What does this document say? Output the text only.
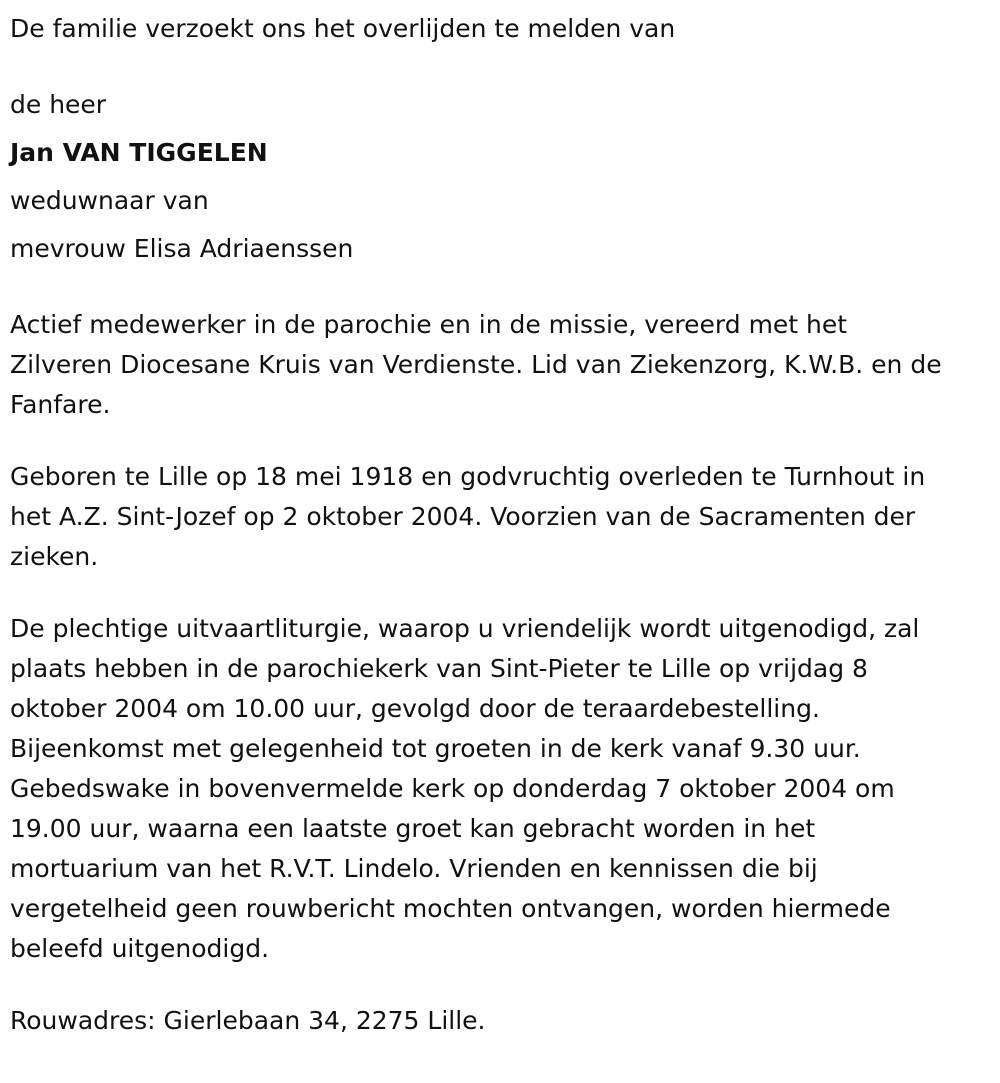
De familie verzoekt ons het overlijden te melden van

de heer

Jan VAN TIGGELEN

weduwnaar van

mevrouw Elisa Adriaenssen

Actief medewerker in de parochie en in de missie, vereerd met het
Zilveren Diocesane Kruis van Verdienste. Lid van Ziekenzorg, K.W.B. en de
Fanfare.
Geboren te Lille op 18 mei 1918 en godvruchtig overleden te Turnhout in
het A.Z. Sint-Jozef op 2 oktober 2004. Voorzien van de Sacramenten der
zieken.
De plechtige uitvaartliturgie, waarop u vriendelijk wordt uitgenodigd, zal
plaats hebben in de parochiekerk van Sint-Pieter te Lille op vrijdag 8
oktober 2004 om 10.00 uur, gevolgd door de teraardebestelling.
Bijeenkomst met gelegenheid tot groeten in de kerk vanaf 9.30 uur.
Gebedswake in bovenvermelde kerk op donderdag 7 oktober 2004 om
19.00 uur, waarna een laatste groet kan gebracht worden in het
mortuarium van het R.V.T. Lindelo. Vrienden en kennissen die bij
vergetelheid geen rouwbericht mochten ontvangen, worden hiermede
beleefd uitgenodigd.

Rouwadres: Gierlebaan 34, 2275 Lille.
